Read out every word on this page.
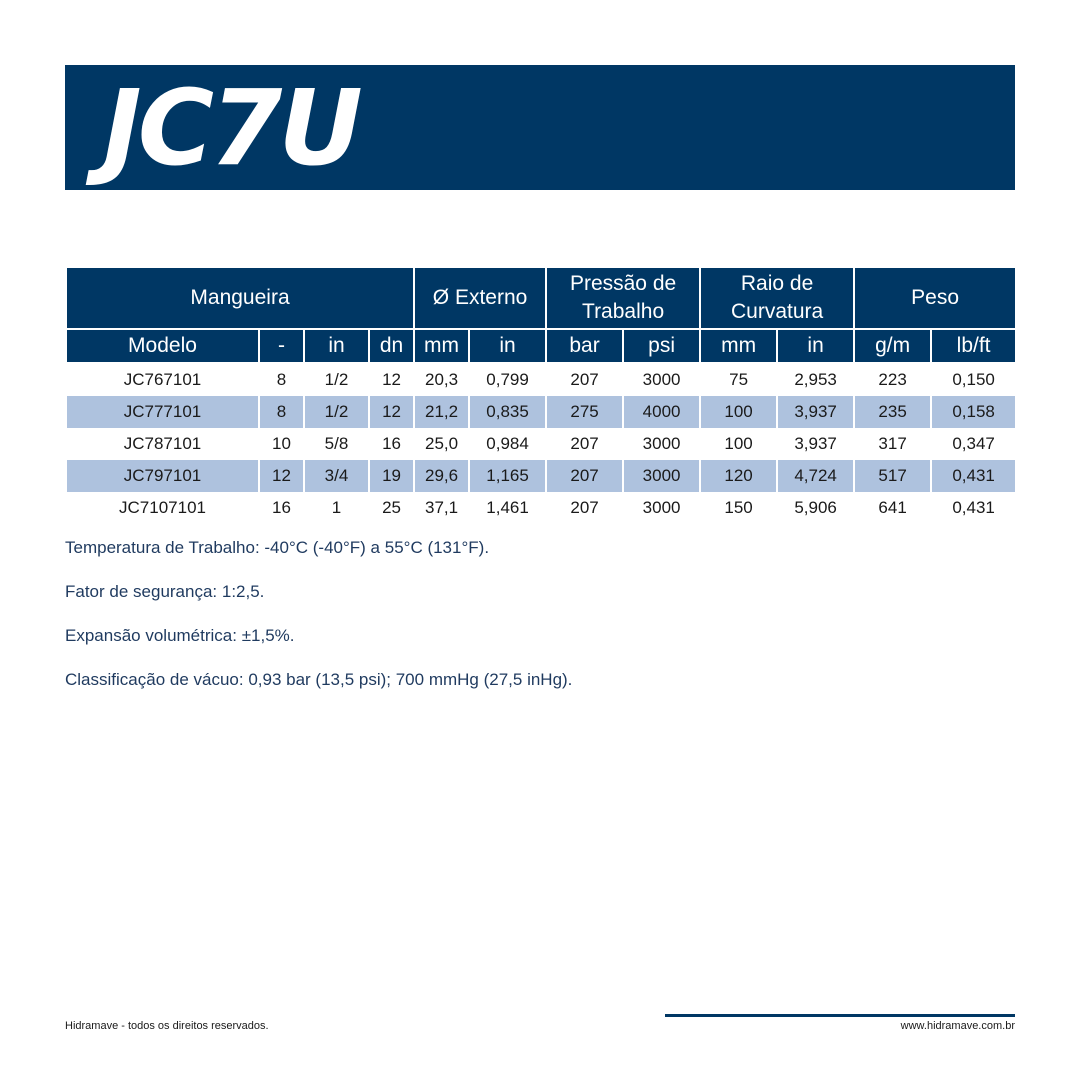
JC7U
Mangueira				Ø Externo		Pressão de Trabalho		Raio de Curvatura		Peso	
Modelo	-	in	dn	mm	in	bar	psi	mm	in	g/m	lb/ft
JC767101	8	1/2	12	20,3	0,799	207	3000	75	2,953	223	0,150
JC777101	8	1/2	12	21,2	0,835	275	4000	100	3,937	235	0,158
JC787101	10	5/8	16	25,0	0,984	207	3000	100	3,937	317	0,347
JC797101	12	3/4	19	29,6	1,165	207	3000	120	4,724	517	0,431
JC7107101	16	1	25	37,1	1,461	207	3000	150	5,906	641	0,431
Temperatura de Trabalho: -40°C (-40°F) a 55°C (131°F).
Fator de segurança: 1:2,5.
Expansão volumétrica: ±1,5%.
Classificação de vácuo: 0,93 bar (13,5 psi); 700 mmHg (27,5 inHg).
Hidramave - todos os direitos reservados.	www.hidramave.com.br
